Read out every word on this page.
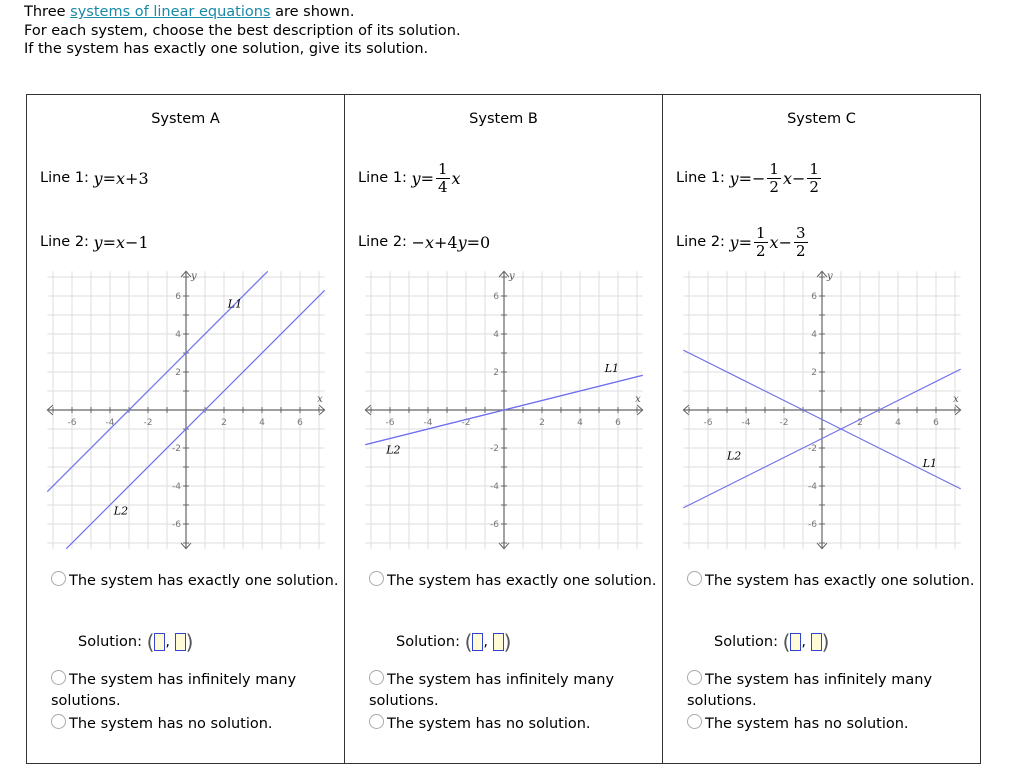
Three systems of linear equations are shown.
For each system, choose the best description of its solution.
If the system has exactly one solution, give its solution.
System A
Line 1: y = x +3
Line 2: y = x −1
-6
-6
-4
-4
-2
-2
2
2
4
4
6
6
x
y
L1
L2
The system has exactly one solution.
Solution:
( ,
)
The system has infinitely many solutions.
The system has no solution.
System B
Line 1: $y = \frac{1}{4}$ x
Line 2: − x +4 y =0
-6
-6
-4
-4
-2
-2
2
2
4
4
6
6
x
y
L1
L2
The system has exactly one solution.
Solution:
( ,
)
The system has infinitely many solutions.
The system has no solution.
System C
Line 1: $y =- \frac{1}{2}$ $x - \frac{1}{2}$
Line 2: $y = \frac{1}{2}$ $x - \frac{3}{2}$
-6
-6
-4
-4
-2
-2
2
2
4
4
6
6
x
y
L1
L2
The system has exactly one solution.
Solution:
( ,
)
The system has infinitely many solutions.
The system has no solution.
